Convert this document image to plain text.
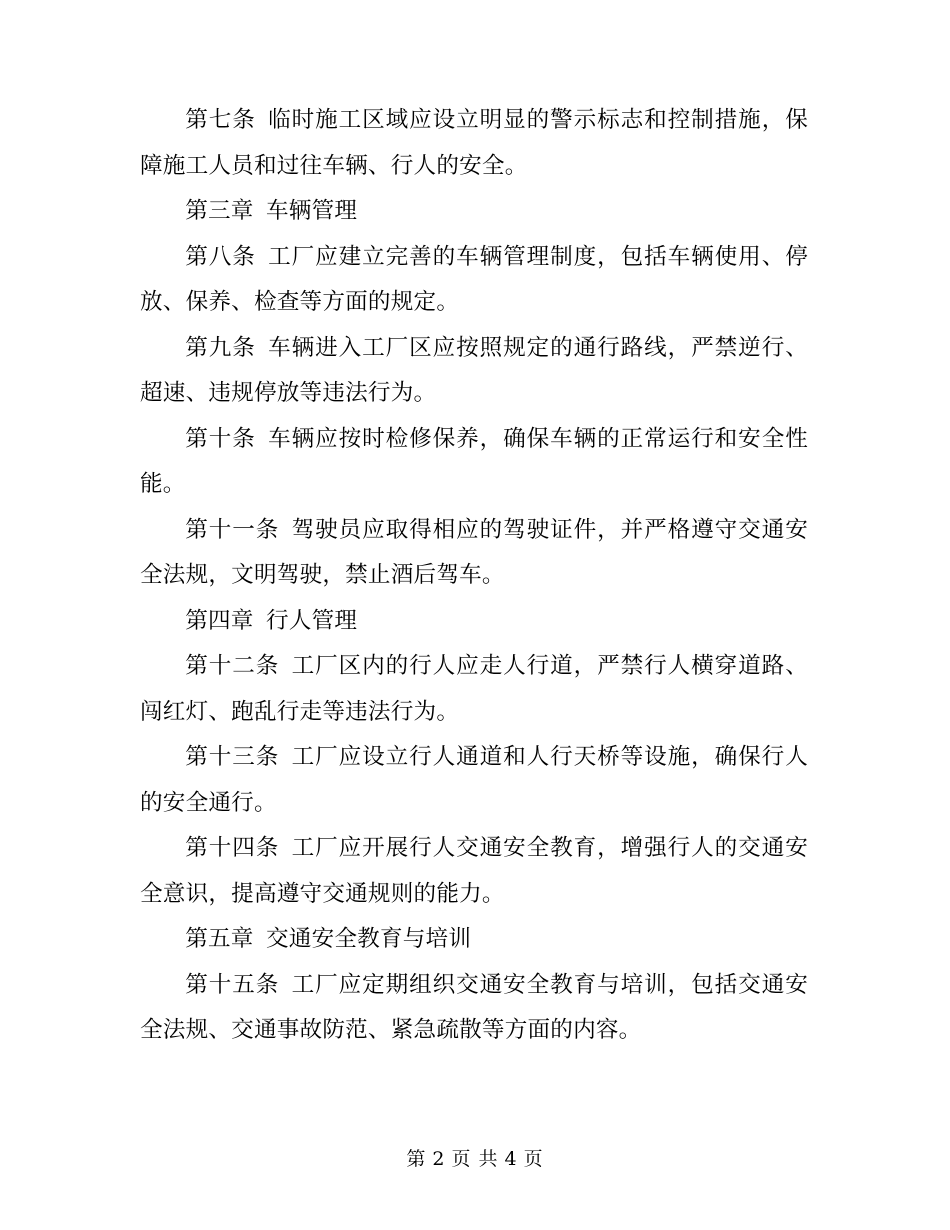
第七条 临时施工区域应设立明显的警示标志和控制措施，保障施工人员和过往车辆、行人的安全。

第三章 车辆管理

第八条 工厂应建立完善的车辆管理制度，包括车辆使用、停放、保养、检查等方面的规定。

第九条 车辆进入工厂区应按照规定的通行路线，严禁逆行、超速、违规停放等违法行为。

第十条 车辆应按时检修保养，确保车辆的正常运行和安全性能。

第十一条 驾驶员应取得相应的驾驶证件，并严格遵守交通安全法规，文明驾驶，禁止酒后驾车。

第四章 行人管理

第十二条 工厂区内的行人应走人行道，严禁行人横穿道路、闯红灯、跑乱行走等违法行为。

第十三条 工厂应设立行人通道和人行天桥等设施，确保行人的安全通行。

第十四条 工厂应开展行人交通安全教育，增强行人的交通安全意识，提高遵守交通规则的能力。

第五章 交通安全教育与培训

第十五条 工厂应定期组织交通安全教育与培训，包括交通安全法规、交通事故防范、紧急疏散等方面的内容。

第 2 页 共 4 页
